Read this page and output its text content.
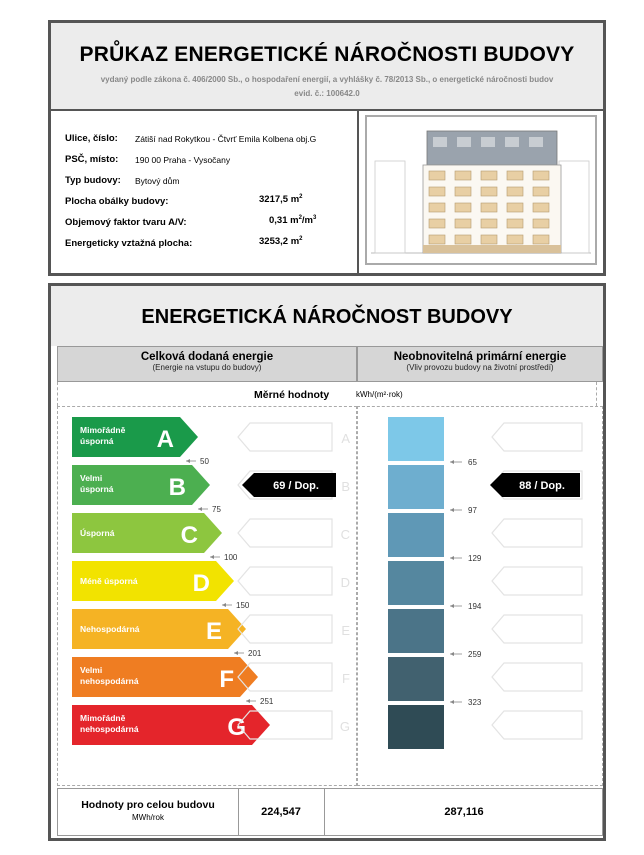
PRŮKAZ ENERGETICKÉ NÁROČNOSTI BUDOVY
vydaný podle zákona č. 406/2000 Sb., o hospodaření energií, a vyhlášky č. 78/2013 Sb., o energetické náročnosti budov
evid. č.: 100642.0
Ulice, číslo: Zátiší nad Rokytkou - Čtvrť Emila Kolbena obj.G
PSČ, místo: 190 00 Praha - Vysočany
Typ budovy: Bytový dům
Plocha obálky budovy:	3217,5 $m^2$
Objemový faktor tvaru A/V:	0,31 $m^2/m^3$
Energeticky vztažná plocha:	3253,2 $m^2$
ENERGETICKÁ NÁROČNOST BUDOVY
Celková dodaná energie
(Energie na vstupu do budovy)
Neobnovitelná primární energie
(Vliv provozu budovy na životní prostředí)
Měrné hodnoty	kWh/(m²·rok)
Mimořádně
úsporná A	A
Velmi
úsporná B	B
Úsporná	C	C
Méně úsporná D	D
Nehospodárná	E	E
Velmi
nehospodárná	F	F
Mimořádně
nehospodárná	G	G
50
75
100
150
201
251
69 / Dop.
65
97
129
194
259
323
88 / Dop.
Hodnoty pro celou budovu
MWh/rok	224,547	287,116
